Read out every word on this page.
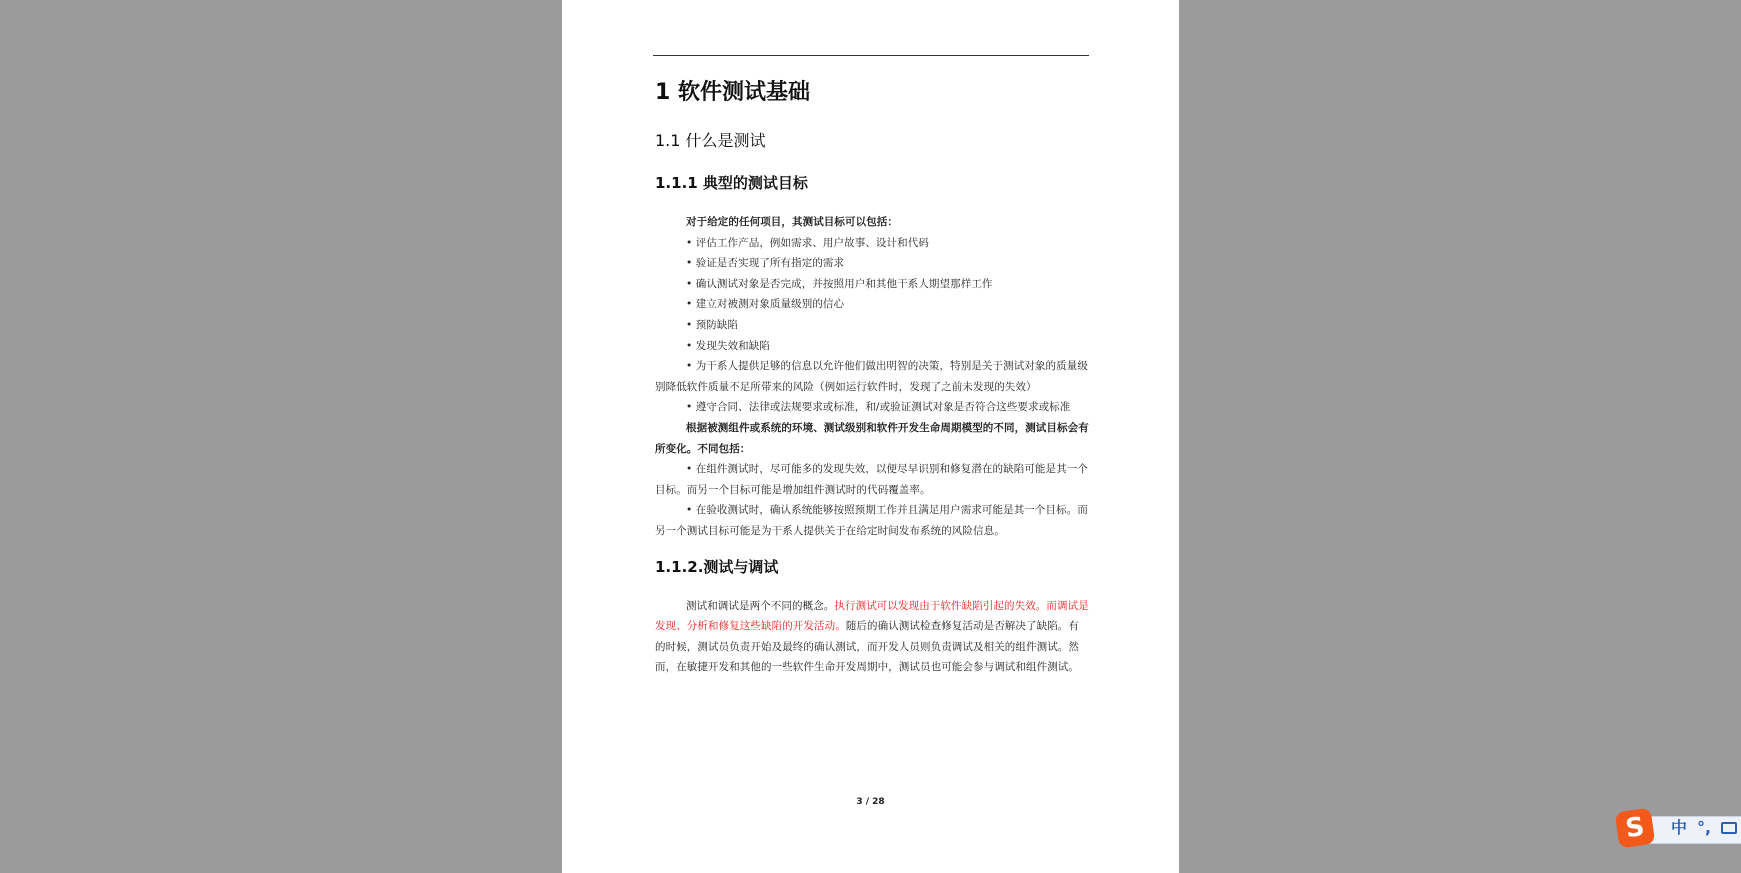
1 软件测试基础
1.1 什么是测试
1.1.1 典型的测试目标

对于给定的任何项目，其测试目标可以包括：

• 评估工作产品，例如需求、用户故事、设计和代码

• 验证是否实现了所有指定的需求

• 确认测试对象是否完成，并按照用户和其他干系人期望那样工作

• 建立对被测对象质量级别的信心

• 预防缺陷

• 发现失效和缺陷

• 为干系人提供足够的信息以允许他们做出明智的决策，特别是关于测试对象的质量级别降低软件质量不足所带来的风险（例如运行软件时，发现了之前未发现的失效）

• 遵守合同、法律或法规要求或标准，和/或验证测试对象是否符合这些要求或标准

根据被测组件或系统的环境、测试级别和软件开发生命周期模型的不同，测试目标会有所变化。不同包括：

• 在组件测试时，尽可能多的发现失效，以便尽早识别和修复潜在的缺陷可能是其一个目标。而另一个目标可能是增加组件测试时的代码覆盖率。

• 在验收测试时，确认系统能够按照预期工作并且满足用户需求可能是其一个目标。而另一个测试目标可能是为干系人提供关于在给定时间发布系统的风险信息。

1.1.2.测试与调试

测试和调试是两个不同的概念。执行测试可以发现由于软件缺陷引起的失效。而调试是发现、分析和修复这些缺陷的开发活动。随后的确认测试检查修复活动是否解决了缺陷。有的时候，测试员负责开始及最终的确认测试，而开发人员则负责调试及相关的组件测试。然而，在敏捷开发和其他的一些软件生命开发周期中，测试员也可能会参与调试和组件测试。

3 / 28
S	中 °,
